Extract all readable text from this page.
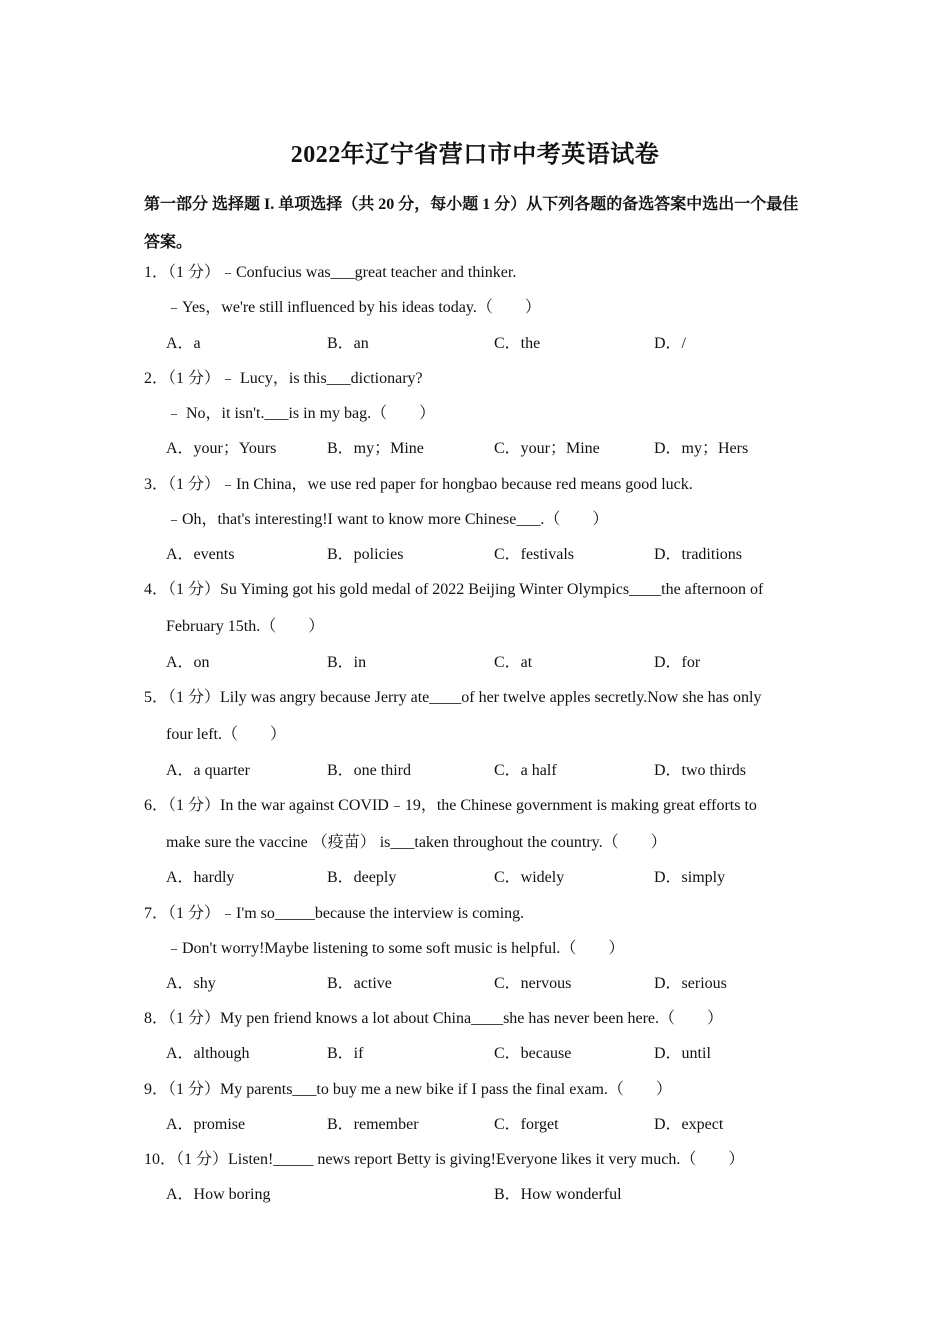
2022年辽宁省营口市中考英语试卷
第一部分 选择题 I. 单项选择（共 20 分，每小题 1 分）从下列各题的备选答案中选出一个最佳答案。
1．（1 分）﹣Confucius was___great teacher and thinker.
﹣Yes，we're still influenced by his ideas today.（　　）
A．a	B．an	C．the	D．/
2．（1 分）﹣ Lucy，is this___dictionary?
﹣ No，it isn't.___is in my bag.（　　）
A．your；Yours	B．my；Mine	C．your；Mine	D．my；Hers
3．（1 分）﹣In China，we use red paper for hongbao because red means good luck.
﹣Oh，that's interesting!I want to know more Chinese___.（　　）
A．events	B．policies	C．festivals	D．traditions
4．（1 分）Su Yiming got his gold medal of 2022 Beijing Winter Olympics____the afternoon of
February 15th.（　　）
A．on	B．in	C．at	D．for
5．（1 分）Lily was angry because Jerry ate____of her twelve apples secretly.Now she has only
four left.（　　）
A．a quarter	B．one third	C．a half	D．two thirds
6．（1 分）In the war against COVID﹣19，the Chinese government is making great efforts to
make sure the vaccine （疫苗） is___taken throughout the country.（　　）
A．hardly	B．deeply	C．widely	D．simply
7．（1 分）﹣I'm so_____because the interview is coming.
﹣Don't worry!Maybe listening to some soft music is helpful.（　　）
A．shy	B．active	C．nervous	D．serious
8．（1 分）My pen friend knows a lot about China____she has never been here.（　　）
A．although	B．if	C．because	D．until
9．（1 分）My parents___to buy me a new bike if I pass the final exam.（　　）
A．promise	B．remember	C．forget	D．expect
10．（1 分）Listen!_____ news report Betty is giving!Everyone likes it very much.（　　）
A．How boring	B．How wonderful
